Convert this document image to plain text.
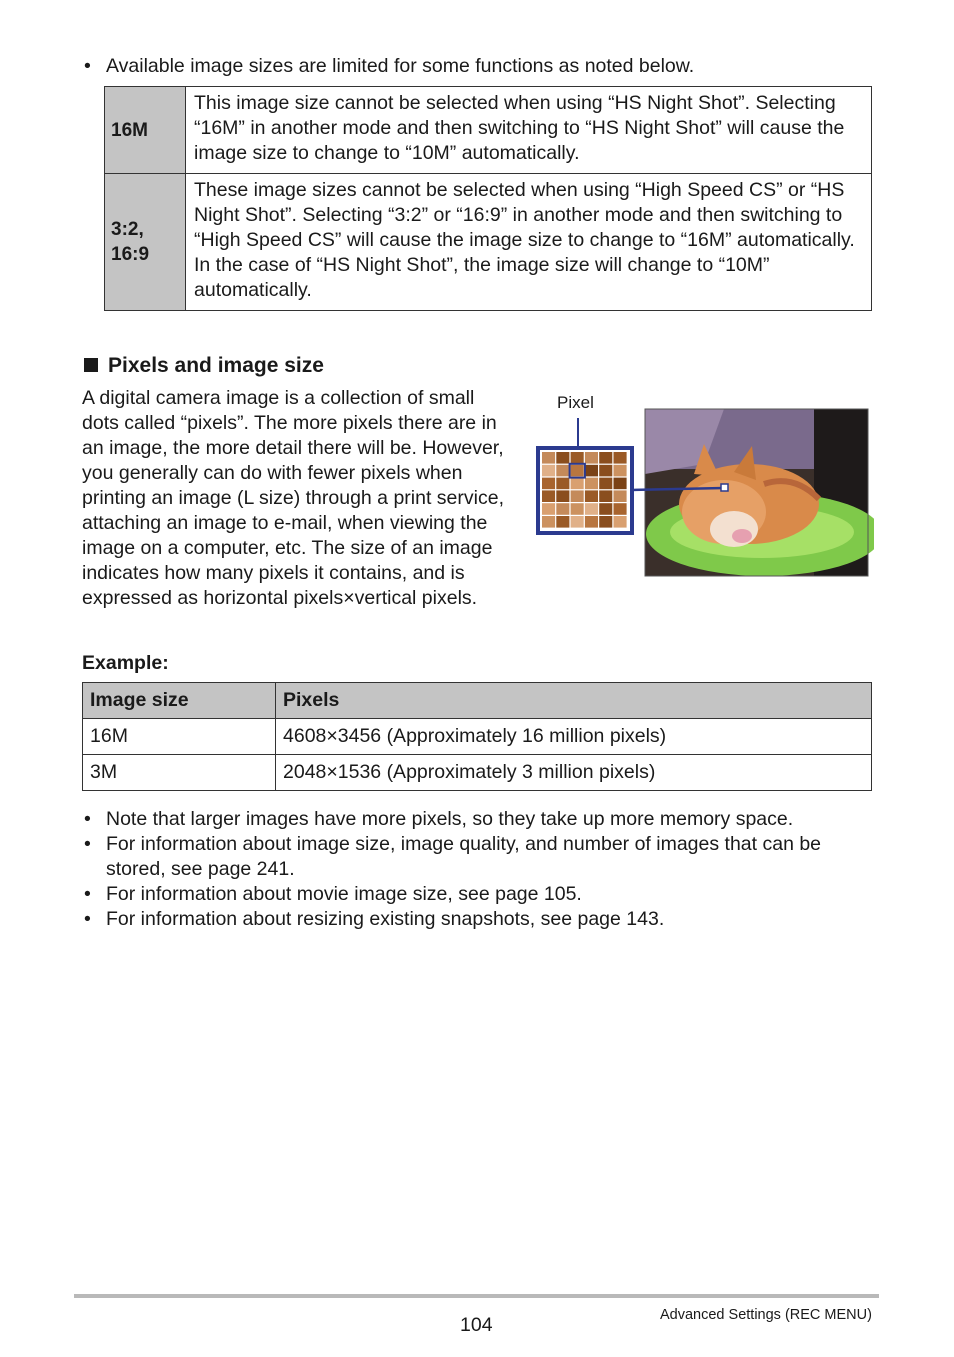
• Available image sizes are limited for some functions as noted below.
16M	This image size cannot be selected when using “HS Night Shot”. Selecting “16M” in another mode and then switching to “HS Night Shot” will cause the image size to change to “10M” automatically.
3:2,
16:9	These image sizes cannot be selected when using “High Speed CS” or “HS Night Shot”. Selecting “3:2” or “16:9” in another mode and then switching to “High Speed CS” will cause the image size to change to “16M” automatically. In the case of “HS Night Shot”, the image size will change to “10M” automatically.
Pixels and image size
A digital camera image is a collection of small dots called “pixels”. The more pixels there are in an image, the more detail there will be. However, you generally can do with fewer pixels when printing an image (L size) through a print service, attaching an image to e-mail, when viewing the image on a computer, etc. The size of an image indicates how many pixels it contains, and is expressed as horizontal pixels×vertical pixels.
Pixel
Example:
Image size	Pixels
16M	4608×3456 (Approximately 16 million pixels)
3M	2048×1536 (Approximately 3 million pixels)
• Note that larger images have more pixels, so they take up more memory space.
• For information about image size, image quality, and number of images that can be stored, see page 241.
• For information about movie image size, see page 105.
• For information about resizing existing snapshots, see page 143.
104	Advanced Settings (REC MENU)
